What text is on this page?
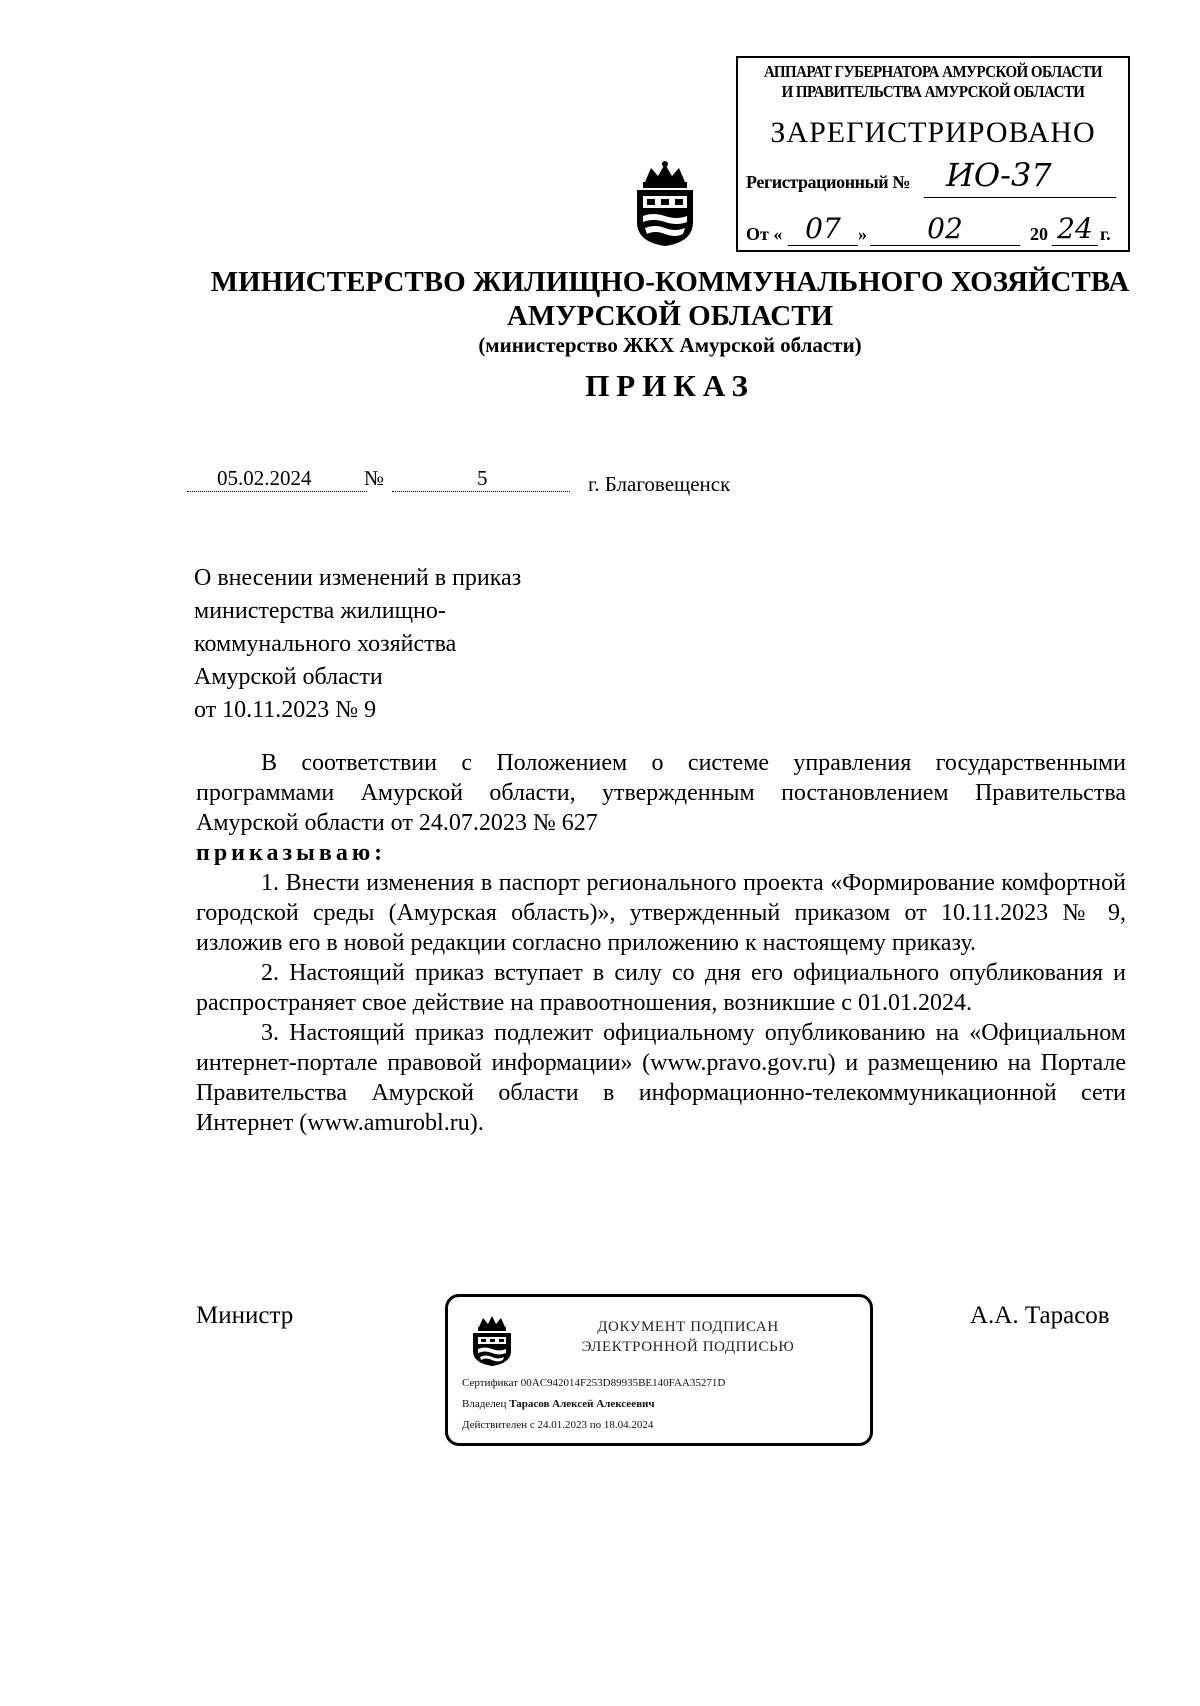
АППАРАТ ГУБЕРНАТОРА АМУРСКОЙ ОБЛАСТИ
И ПРАВИТЕЛЬСТВА АМУРСКОЙ ОБЛАСТИ
ЗАРЕГИСТРИРОВАНО
Регистрационный №	ИО-37
От « 07 »	02	20 24 г.
МИНИСТЕРСТВО ЖИЛИЩНО-КОММУНАЛЬНОГО ХОЗЯЙСТВА
АМУРСКОЙ ОБЛАСТИ
(министерство ЖКХ Амурской области)
ПРИКАЗ
05.02.2024	№	5	г. Благовещенск
О внесении изменений в приказ
министерства жилищно-
коммунального хозяйства
Амурской области
от 10.11.2023 № 9

В соответствии с Положением о системе управления государственными программами Амурской области, утвержденным постановлением Правительства Амурской области от 24.07.2023 № 627

приказываю:

1. Внести изменения в паспорт регионального проекта «Формирование комфортной городской среды (Амурская область)», утвержденный приказом от 10.11.2023 № 9, изложив его в новой редакции согласно приложению к настоящему приказу.

2. Настоящий приказ вступает в силу со дня его официального опубликования и распространяет свое действие на правоотношения, возникшие с 01.01.2024.

3. Настоящий приказ подлежит официальному опубликованию на «Официальном интернет-портале правовой информации» (www.pravo.gov.ru) и размещению на Портале Правительства Амурской области в информационно-телекоммуникационной сети Интернет (www.amurobl.ru).

Министр	А.А. Тарасов
ДОКУМЕНТ ПОДПИСАН
ЭЛЕКТРОННОЙ ПОДПИСЬЮ
Сертификат 00AC942014F253D89935BE140FAA35271D
Владелец Тарасов Алексей Алексеевич
Действителен с 24.01.2023 по 18.04.2024
